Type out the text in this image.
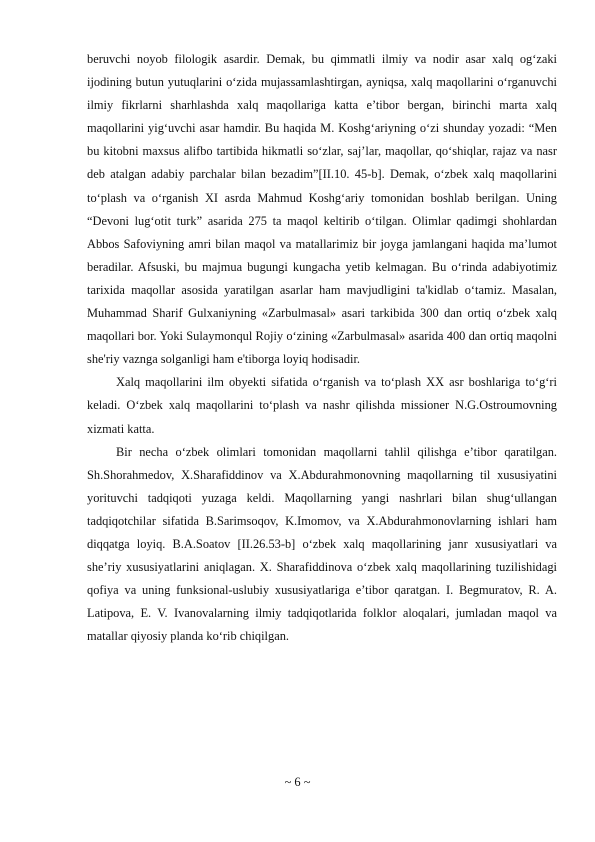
beruvchi noyob filologik asardir. Demak, bu qimmatli ilmiy va nodir asar xalq og‘zaki ijodining butun yutuqlarini o‘zida mujassamlashtirgan, ayniqsa, xalq maqollarini o‘rganuvchi ilmiy fikrlarni sharhlashda xalq maqollariga katta e’tibor bergan, birinchi marta xalq maqollarini yig‘uvchi asar hamdir. Bu haqida M. Koshg‘ariyning o‘zi shunday yozadi: “Men bu kitobni maxsus alifbo tartibida hikmatli so‘zlar, saj’lar, maqollar, qo‘shiqlar, rajaz va nasr deb atalgan adabiy parchalar bilan bezadim”[II.10. 45-b]. Demak, o‘zbek xalq maqollarini to‘plash va o‘rganish XI asrda Mahmud Koshg‘ariy tomonidan boshlab berilgan. Uning “Devoni lug‘otit turk” asarida 275 ta maqol keltirib o‘tilgan. Olimlar qadimgi shohlardan Abbos Safoviyning amri bilan maqol va matallarimiz bir joyga jamlangani haqida ma’lumot beradilar. Afsuski, bu majmua bugungi kungacha yetib kelmagan. Bu o‘rinda adabiyotimiz tarixida maqollar asosida yaratilgan asarlar ham mavjudligini ta'kidlab o‘tamiz. Masalan, Muhammad Sharif Gulxaniyning «Zarbulmasal» asari tarkibida 300 dan ortiq o‘zbek xalq maqollari bor. Yoki Sulaymonqul Rojiy o‘zining «Zarbulmasal» asarida 400 dan ortiq maqolni she'riy vaznga solganligi ham e'tiborga loyiq hodisadir.

Xalq maqollarini ilm obyekti sifatida o‘rganish va to‘plash XX asr boshlariga to‘g‘ri keladi. O‘zbek xalq maqollarini to‘plash va nashr qilishda missioner N.G.Ostroumovning xizmati katta.

Bir necha o‘zbek olimlari tomonidan maqollarni tahlil qilishga e’tibor qaratilgan. Sh.Shorahmedov, X.Sharafiddinov va X.Abdurahmonovning maqollarning til xususiyatini yorituvchi tadqiqoti yuzaga keldi. Maqollarning yangi nashrlari bilan shug‘ullangan tadqiqotchilar sifatida B.Sarimsoqov, K.Imomov, va X.Abdurahmonovlarning ishlari ham diqqatga loyiq. B.A.Soatov [II.26.53-b] o‘zbek xalq maqollarining janr xususiyatlari va she’riy xususiyatlarini aniqlagan. X. Sharafiddinova o‘zbek xalq maqollarining tuzilishidagi qofiya va uning funksional-uslubiy xususiyatlariga e’tibor qaratgan. I. Begmuratov, R. A. Latipova, E. V. Ivanovalarning ilmiy tadqiqotlarida folklor aloqalari, jumladan maqol va matallar qiyosiy planda ko‘rib chiqilgan.

~ 6 ~
